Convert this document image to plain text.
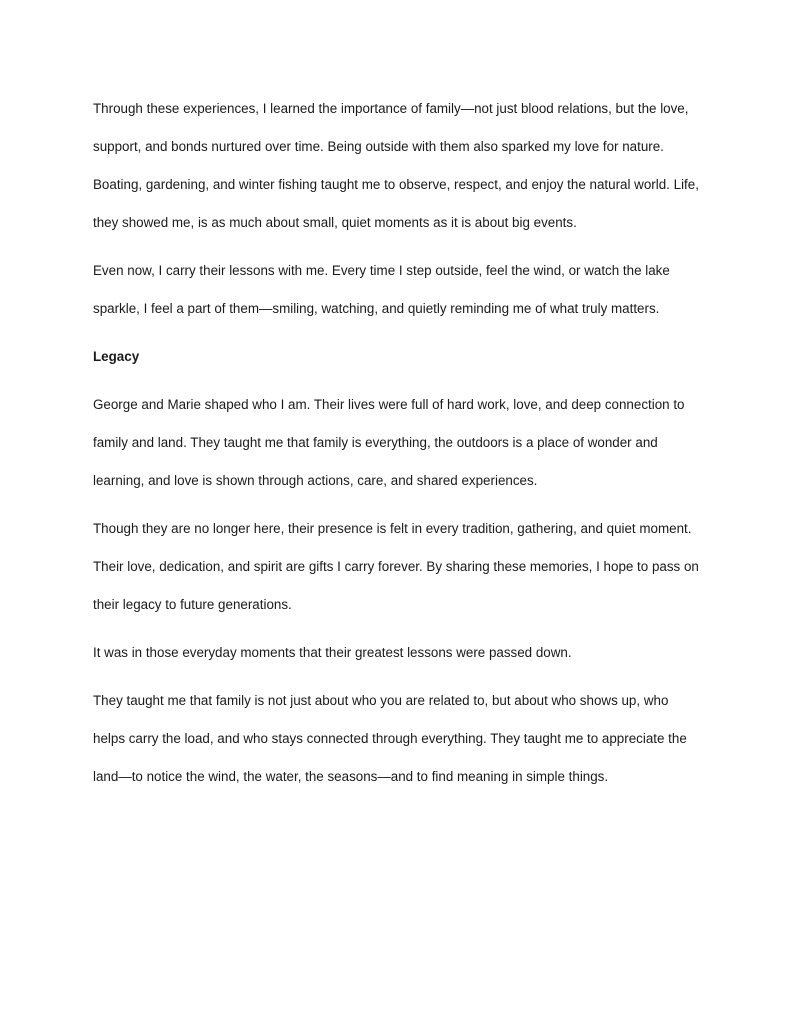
Through these experiences, I learned the importance of family—not just blood relations, but the love, support, and bonds nurtured over time. Being outside with them also sparked my love for nature. Boating, gardening, and winter fishing taught me to observe, respect, and enjoy the natural world. Life, they showed me, is as much about small, quiet moments as it is about big events.

Even now, I carry their lessons with me. Every time I step outside, feel the wind, or watch the lake sparkle, I feel a part of them—smiling, watching, and quietly reminding me of what truly matters.

Legacy

George and Marie shaped who I am. Their lives were full of hard work, love, and deep connection to family and land. They taught me that family is everything, the outdoors is a place of wonder and learning, and love is shown through actions, care, and shared experiences.

Though they are no longer here, their presence is felt in every tradition, gathering, and quiet moment. Their love, dedication, and spirit are gifts I carry forever. By sharing these memories, I hope to pass on their legacy to future generations.

It was in those everyday moments that their greatest lessons were passed down.

They taught me that family is not just about who you are related to, but about who shows up, who helps carry the load, and who stays connected through everything. They taught me to appreciate the land—to notice the wind, the water, the seasons—and to find meaning in simple things.
